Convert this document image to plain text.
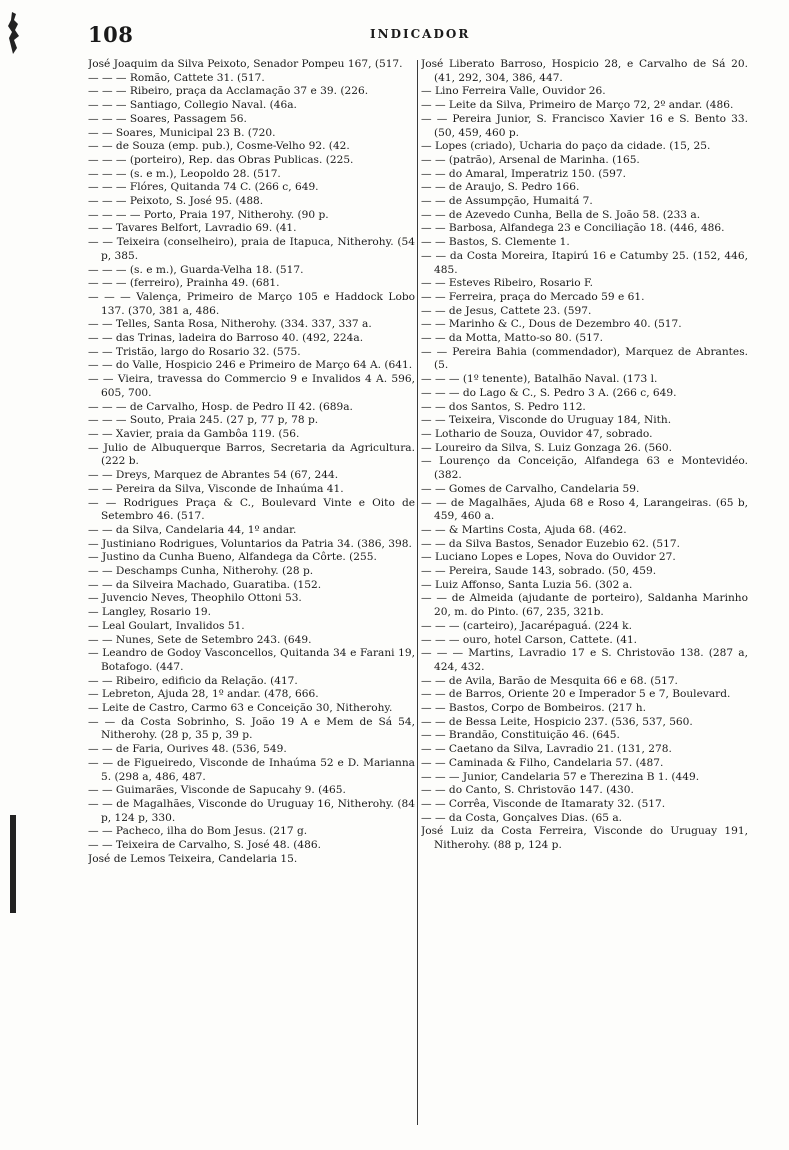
108	INDICADOR
José Joaquim da Silva Peixoto, Senador Pompeu 167, (517.
— — — Romão, Cattete 31. (517.
— — — Ribeiro, praça da Acclamação 37 e 39. (226.
— — — Santiago, Collegio Naval. (46a.
— — — Soares, Passagem 56.
— — Soares, Municipal 23 B. (720.
— — de Souza (emp. pub.), Cosme-Velho 92. (42.
— — — (porteiro), Rep. das Obras Publicas. (225.
— — — (s. e m.), Leopoldo 28. (517.
— — — Flóres, Quitanda 74 C. (266 c, 649.
— — — Peixoto, S. José 95. (488.
— — — — Porto, Praia 197, Nitherohy. (90 p.
— — Tavares Belfort, Lavradio 69. (41.
— — Teixeira (conselheiro), praia de Itapuca, Nitherohy. (54 p, 385.
— — — (s. e m.), Guarda-Velha 18. (517.
— — — (ferreiro), Prainha 49. (681.
— — — Valença, Primeiro de Março 105 e Haddock Lobo 137. (370, 381 a, 486.
— — Telles, Santa Rosa, Nitherohy. (334. 337, 337 a.
— — das Trinas, ladeira do Barroso 40. (492, 224a.
— — Tristão, largo do Rosario 32. (575.
— — do Valle, Hospicio 246 e Primeiro de Março 64 A. (641.
— — Vieira, travessa do Commercio 9 e Invalidos 4 A. 596, 605, 700.
— — — de Carvalho, Hosp. de Pedro II 42. (689a.
— — — Souto, Praia 245. (27 p, 77 p, 78 p.
— — Xavier, praia da Gambôa 119. (56.
— Julio de Albuquerque Barros, Secretaria da Agricultura. (222 b.
— — Dreys, Marquez de Abrantes 54 (67, 244.
— — Pereira da Silva, Visconde de Inhaúma 41.
— — Rodrigues Praça & C., Boulevard Vinte e Oito de Setembro 46. (517.
— — da Silva, Candelaria 44, 1º andar.
— Justiniano Rodrigues, Voluntarios da Patria 34. (386, 398.
— Justino da Cunha Bueno, Alfandega da Côrte. (255.
— — Deschamps Cunha, Nitherohy. (28 p.
— — da Silveira Machado, Guaratiba. (152.
— Juvencio Neves, Theophilo Ottoni 53.
— Langley, Rosario 19.
— Leal Goulart, Invalidos 51.
— — Nunes, Sete de Setembro 243. (649.
— Leandro de Godoy Vasconcellos, Quitanda 34 e Farani 19, Botafogo. (447.
— — Ribeiro, edificio da Relação. (417.
— Lebreton, Ajuda 28, 1º andar. (478, 666.
— Leite de Castro, Carmo 63 e Conceição 30, Nitherohy.
— — da Costa Sobrinho, S. João 19 A e Mem de Sá 54, Nitherohy. (28 p, 35 p, 39 p.
— — de Faria, Ourives 48. (536, 549.
— — de Figueiredo, Visconde de Inhaúma 52 e D. Marianna 5. (298 a, 486, 487.
— — Guimarães, Visconde de Sapucahy 9. (465.
— — de Magalhães, Visconde do Uruguay 16, Nitherohy. (84 p, 124 p, 330.
— — Pacheco, ilha do Bom Jesus. (217 g.
— — Teixeira de Carvalho, S. José 48. (486.
José de Lemos Teixeira, Candelaria 15.
José Liberato Barroso, Hospicio 28, e Carvalho de Sá 20. (41, 292, 304, 386, 447.
— Lino Ferreira Valle, Ouvidor 26.
— — Leite da Silva, Primeiro de Março 72, 2º andar. (486.
— — Pereira Junior, S. Francisco Xavier 16 e S. Bento 33. (50, 459, 460 p.
— Lopes (criado), Ucharia do paço da cidade. (15, 25.
— — (patrão), Arsenal de Marinha. (165.
— — do Amaral, Imperatriz 150. (597.
— — de Araujo, S. Pedro 166.
— — de Assumpção, Humaitá 7.
— — de Azevedo Cunha, Bella de S. João 58. (233 a.
— — Barbosa, Alfandega 23 e Conciliação 18. (446, 486.
— — Bastos, S. Clemente 1.
— — da Costa Moreira, Itapirú 16 e Catumby 25. (152, 446, 485.
— — Esteves Ribeiro, Rosario F.
— — Ferreira, praça do Mercado 59 e 61.
— — de Jesus, Cattete 23. (597.
— — Marinho & C., Dous de Dezembro 40. (517.
— — da Motta, Matto-so 80. (517.
— — Pereira Bahia (commendador), Marquez de Abrantes. (5.
— — — (1º tenente), Batalhão Naval. (173 l.
— — — do Lago & C., S. Pedro 3 A. (266 c, 649.
— — dos Santos, S. Pedro 112.
— — Teixeira, Visconde do Uruguay 184, Nith.
— Lothario de Souza, Ouvidor 47, sobrado.
— Loureiro da Silva, S. Luiz Gonzaga 26. (560.
— Lourenço da Conceição, Alfandega 63 e Montevidéo. (382.
— — Gomes de Carvalho, Candelaria 59.
— — de Magalhães, Ajuda 68 e Roso 4, Larangeiras. (65 b, 459, 460 a.
— — & Martins Costa, Ajuda 68. (462.
— — da Silva Bastos, Senador Euzebio 62. (517.
— Luciano Lopes e Lopes, Nova do Ouvidor 27.
— — Pereira, Saude 143, sobrado. (50, 459.
— Luiz Affonso, Santa Luzia 56. (302 a.
— — de Almeida (ajudante de porteiro), Saldanha Marinho 20, m. do Pinto. (67, 235, 321b.
— — — (carteiro), Jacarépaguá. (224 k.
— — — ouro, hotel Carson, Cattete. (41.
— — — Martins, Lavradio 17 e S. Christovão 138. (287 a, 424, 432.
— — de Avila, Barão de Mesquita 66 e 68. (517.
— — de Barros, Oriente 20 e Imperador 5 e 7, Boulevard.
— — Bastos, Corpo de Bombeiros. (217 h.
— — de Bessa Leite, Hospicio 237. (536, 537, 560.
— — Brandão, Constituição 46. (645.
— — Caetano da Silva, Lavradio 21. (131, 278.
— — Caminada & Filho, Candelaria 57. (487.
— — — Junior, Candelaria 57 e Therezina B 1. (449.
— — do Canto, S. Christovão 147. (430.
— — Corrêa, Visconde de Itamaraty 32. (517.
— — da Costa, Gonçalves Dias. (65 a.
José Luiz da Costa Ferreira, Visconde do Uruguay 191, Nitherohy. (88 p, 124 p.
